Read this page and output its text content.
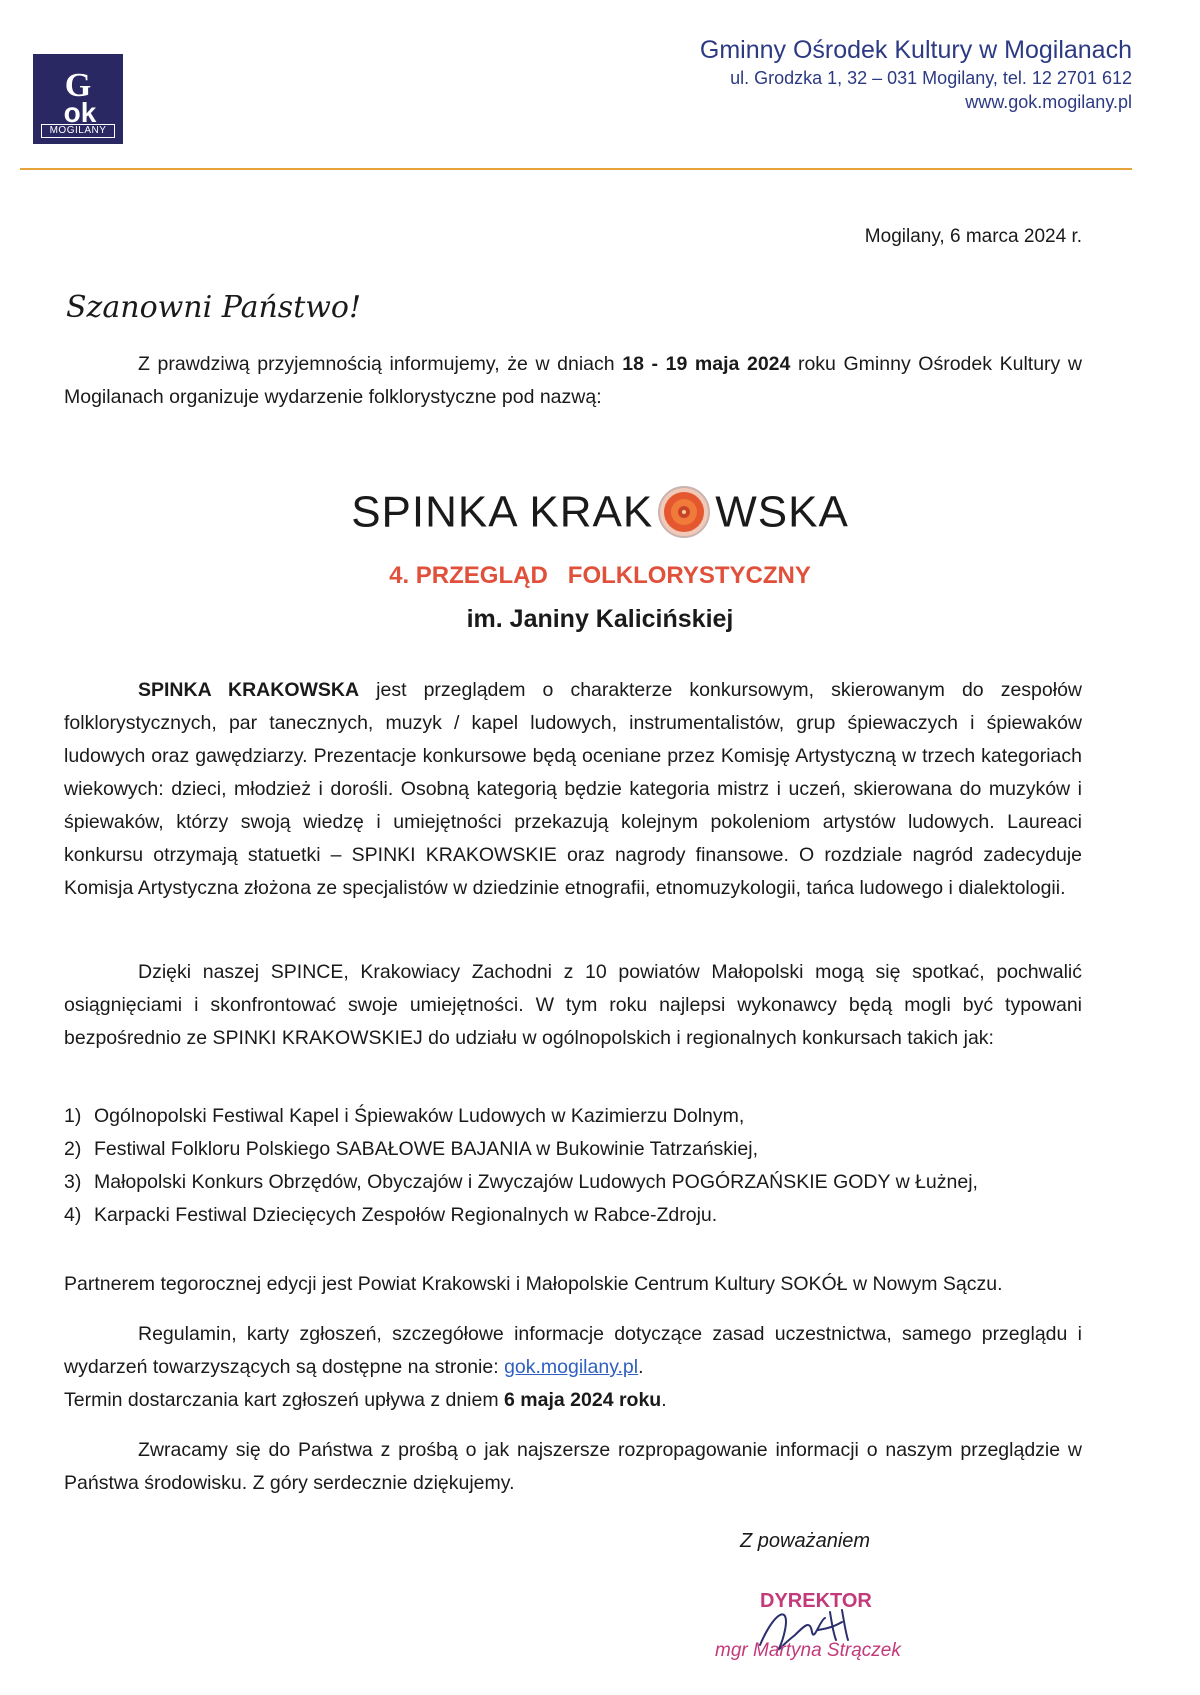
G
ok
MOGILANY
Gminny Ośrodek Kultury w Mogilanach
ul. Grodzka 1, 32 – 031 Mogilany, tel. 12 2701 612
www.gok.mogilany.pl
Mogilany, 6 marca 2024 r.
Szanowni Państwo!
Z prawdziwą przyjemnością informujemy, że w dniach 18 - 19 maja 2024 roku Gminny Ośrodek Kultury w Mogilanach organizuje wydarzenie folklorystyczne pod nazwą:
SPINKA KRAK WSKA
4. PRZEGLĄD FOLKLORYSTYCZNY
im. Janiny Kalicińskiej
SPINKA KRAKOWSKA jest przeglądem o charakterze konkursowym, skierowanym do zespołów folklorystycznych, par tanecznych, muzyk / kapel ludowych, instrumentalistów, grup śpiewaczych i śpiewaków ludowych oraz gawędziarzy. Prezentacje konkursowe będą oceniane przez Komisję Artystyczną w trzech kategoriach wiekowych: dzieci, młodzież i dorośli. Osobną kategorią będzie kategoria mistrz i uczeń, skierowana do muzyków i śpiewaków, którzy swoją wiedzę i umiejętności przekazują kolejnym pokoleniom artystów ludowych. Laureaci konkursu otrzymają statuetki – SPINKI KRAKOWSKIE oraz nagrody finansowe. O rozdziale nagród zadecyduje Komisja Artystyczna złożona ze specjalistów w dziedzinie etnografii, etnomuzykologii, tańca ludowego i dialektologii.
Dzięki naszej SPINCE, Krakowiacy Zachodni z 10 powiatów Małopolski mogą się spotkać, pochwalić osiągnięciami i skonfrontować swoje umiejętności. W tym roku najlepsi wykonawcy będą mogli być typowani bezpośrednio ze SPINKI KRAKOWSKIEJ do udziału w ogólnopolskich i regionalnych konkursach takich jak:
1) Ogólnopolski Festiwal Kapel i Śpiewaków Ludowych w Kazimierzu Dolnym,
2) Festiwal Folkloru Polskiego SABAŁOWE BAJANIA w Bukowinie Tatrzańskiej,
3) Małopolski Konkurs Obrzędów, Obyczajów i Zwyczajów Ludowych POGÓRZAŃSKIE GODY w Łużnej,
4) Karpacki Festiwal Dziecięcych Zespołów Regionalnych w Rabce-Zdroju.
Partnerem tegorocznej edycji jest Powiat Krakowski i Małopolskie Centrum Kultury SOKÓŁ w Nowym Sączu.
Regulamin, karty zgłoszeń, szczegółowe informacje dotyczące zasad uczestnictwa, samego przeglądu i wydarzeń towarzyszących są dostępne na stronie: gok.mogilany.pl.
Termin dostarczania kart zgłoszeń upływa z dniem 6 maja 2024 roku.
Zwracamy się do Państwa z prośbą o jak najszersze rozpropagowanie informacji o naszym przeglądzie w Państwa środowisku. Z góry serdecznie dziękujemy.
Z poważaniem
DYREKTOR
mgr Martyna Strączek
